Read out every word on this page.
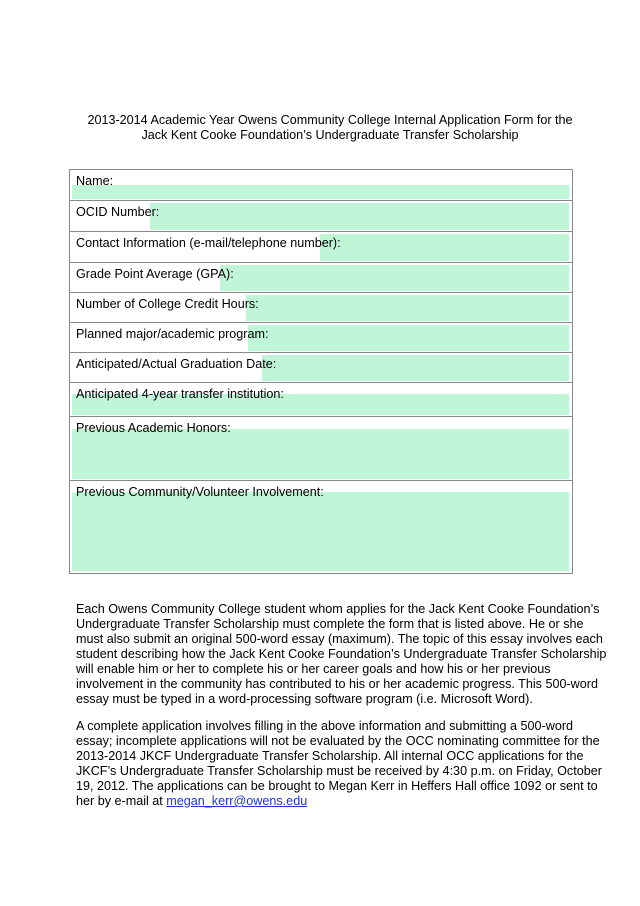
2013-2014 Academic Year Owens Community College Internal Application Form for the
Jack Kent Cooke Foundation’s Undergraduate Transfer Scholarship
Name:
OCID Number:
Contact Information (e-mail/telephone number):
Grade Point Average (GPA):
Number of College Credit Hours:
Planned major/academic program:
Anticipated/Actual Graduation Date:
Anticipated 4-year transfer institution:
Previous Academic Honors:
Previous Community/Volunteer Involvement:
Each Owens Community College student whom applies for the Jack Kent Cooke Foundation’s Undergraduate Transfer Scholarship must complete the form that is listed above. He or she must also submit an original 500-word essay (maximum). The topic of this essay involves each student describing how the Jack Kent Cooke Foundation’s Undergraduate Transfer Scholarship will enable him or her to complete his or her career goals and how his or her previous involvement in the community has contributed to his or her academic progress. This 500-word essay must be typed in a word-processing software program (i.e. Microsoft Word).
A complete application involves filling in the above information and submitting a 500-word essay; incomplete applications will not be evaluated by the OCC nominating committee for the 2013-2014 JKCF Undergraduate Transfer Scholarship. All internal OCC applications for the JKCF’s Undergraduate Transfer Scholarship must be received by 4:30 p.m. on Friday, October 19, 2012. The applications can be brought to Megan Kerr in Heffers Hall office 1092 or sent to her by e-mail at megan_kerr@owens.edu
